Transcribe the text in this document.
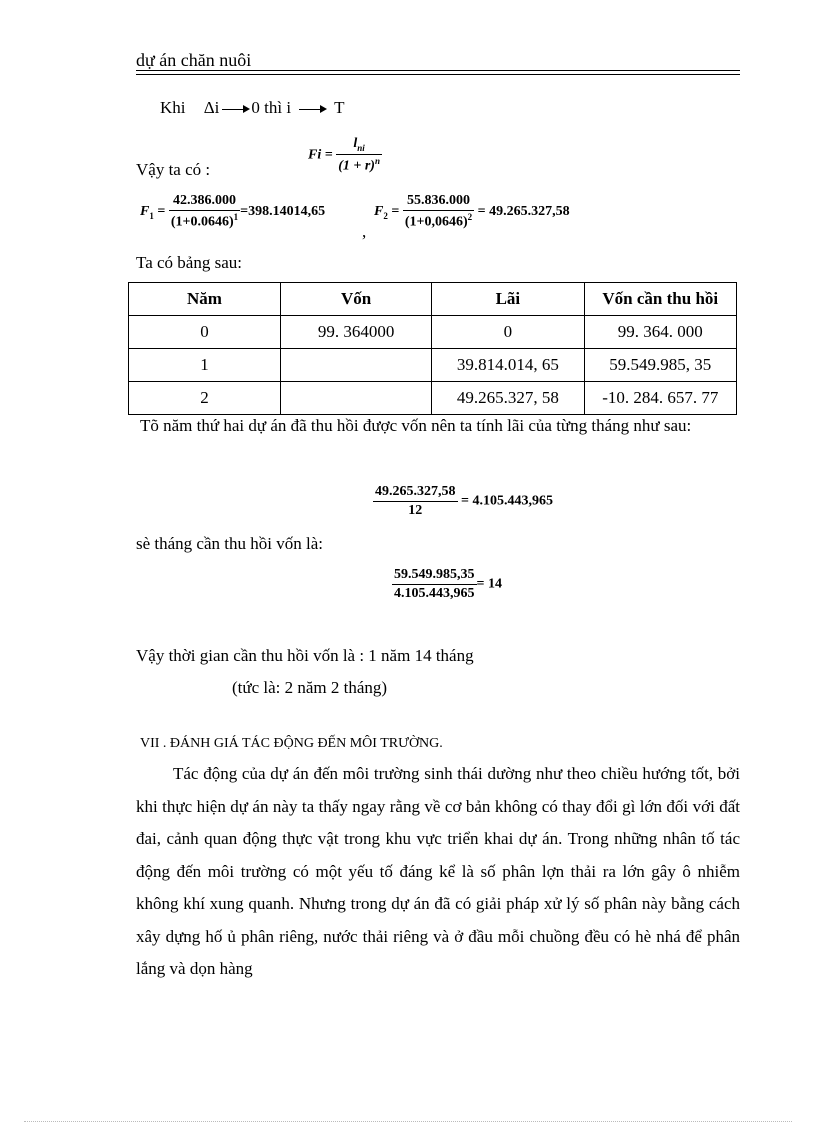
dự án chăn nuôi
Khi Δi 0 thì i	T
Vậy ta có :
$Fi = \frac{l_{ni}}{(1 + r)^n}$
$F_1 = \frac{42.386.000}{(1+0.0646)^1} =398.14014,65$
,
$F_2 = \frac{55.836.000}{(1+0,0646)^2} = 49.265.327,58$
Ta có bảng sau:
Năm	Vốn	Lãi	Vốn cần thu hồi
0	99. 364000	0	99. 364. 000
1		39.814.014, 65	59.549.985, 35
2		49.265.327, 58	-10. 284. 657. 77
Tõ năm thứ hai dự án đã thu hồi được vốn nên ta tính lãi của từng tháng như sau:
$\frac{49.265.327,58}{12} = 4.105.443,965$
sè tháng cần thu hồi vốn là:
$\frac{59.549.985,35}{4.105.443,965} = 14$
Vậy thời gian cần thu hồi vốn là : 1 năm 14 tháng
(tức là: 2 năm 2 tháng)
VII . ĐÁNH GIÁ TÁC ĐỘNG ĐẾN MÔI TRƯỜNG.
Tác động của dự án đến môi trường sinh thái dường như theo chiều hướng tốt, bởi khi thực hiện dự án này ta thấy ngay rằng về cơ bản không có thay đổi gì lớn đối với đất đai, cảnh quan động thực vật trong khu vực triển khai dự án. Trong những nhân tố tác động đến môi trường có một yếu tố đáng kể là số phân lợn thải ra lớn gây ô nhiễm không khí xung quanh. Nhưng trong dự án đã có giải pháp xử lý số phân này bằng cách xây dựng hố ủ phân riêng, nước thải riêng và ở đầu mỗi chuồng đều có hè nhá để phân lắng và dọn hàng
